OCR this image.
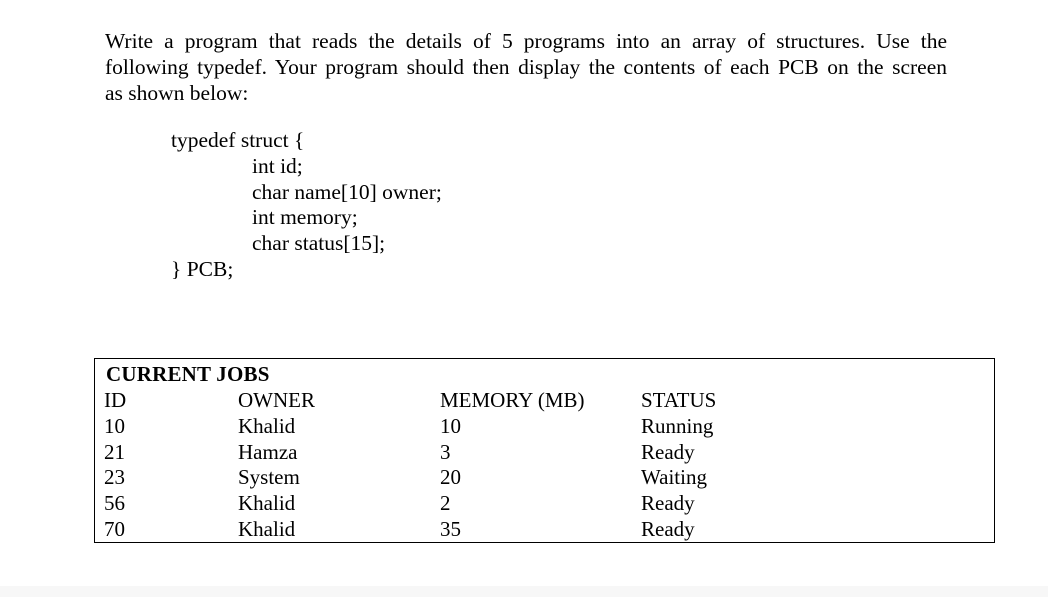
Write a program that reads the details of 5 programs into an array of structures. Use the
following typedef. Your program should then display the contents of each PCB on the screen
as shown below:
typedef struct {
int id;
char name[10] owner;
int memory;
char status[15];
} PCB;
CURRENT JOBS
ID	OWNER	MEMORY (MB)	STATUS
10	Khalid	10	Running
21	Hamza	3	Ready
23	System	20	Waiting
56	Khalid	2	Ready
70	Khalid	35	Ready
